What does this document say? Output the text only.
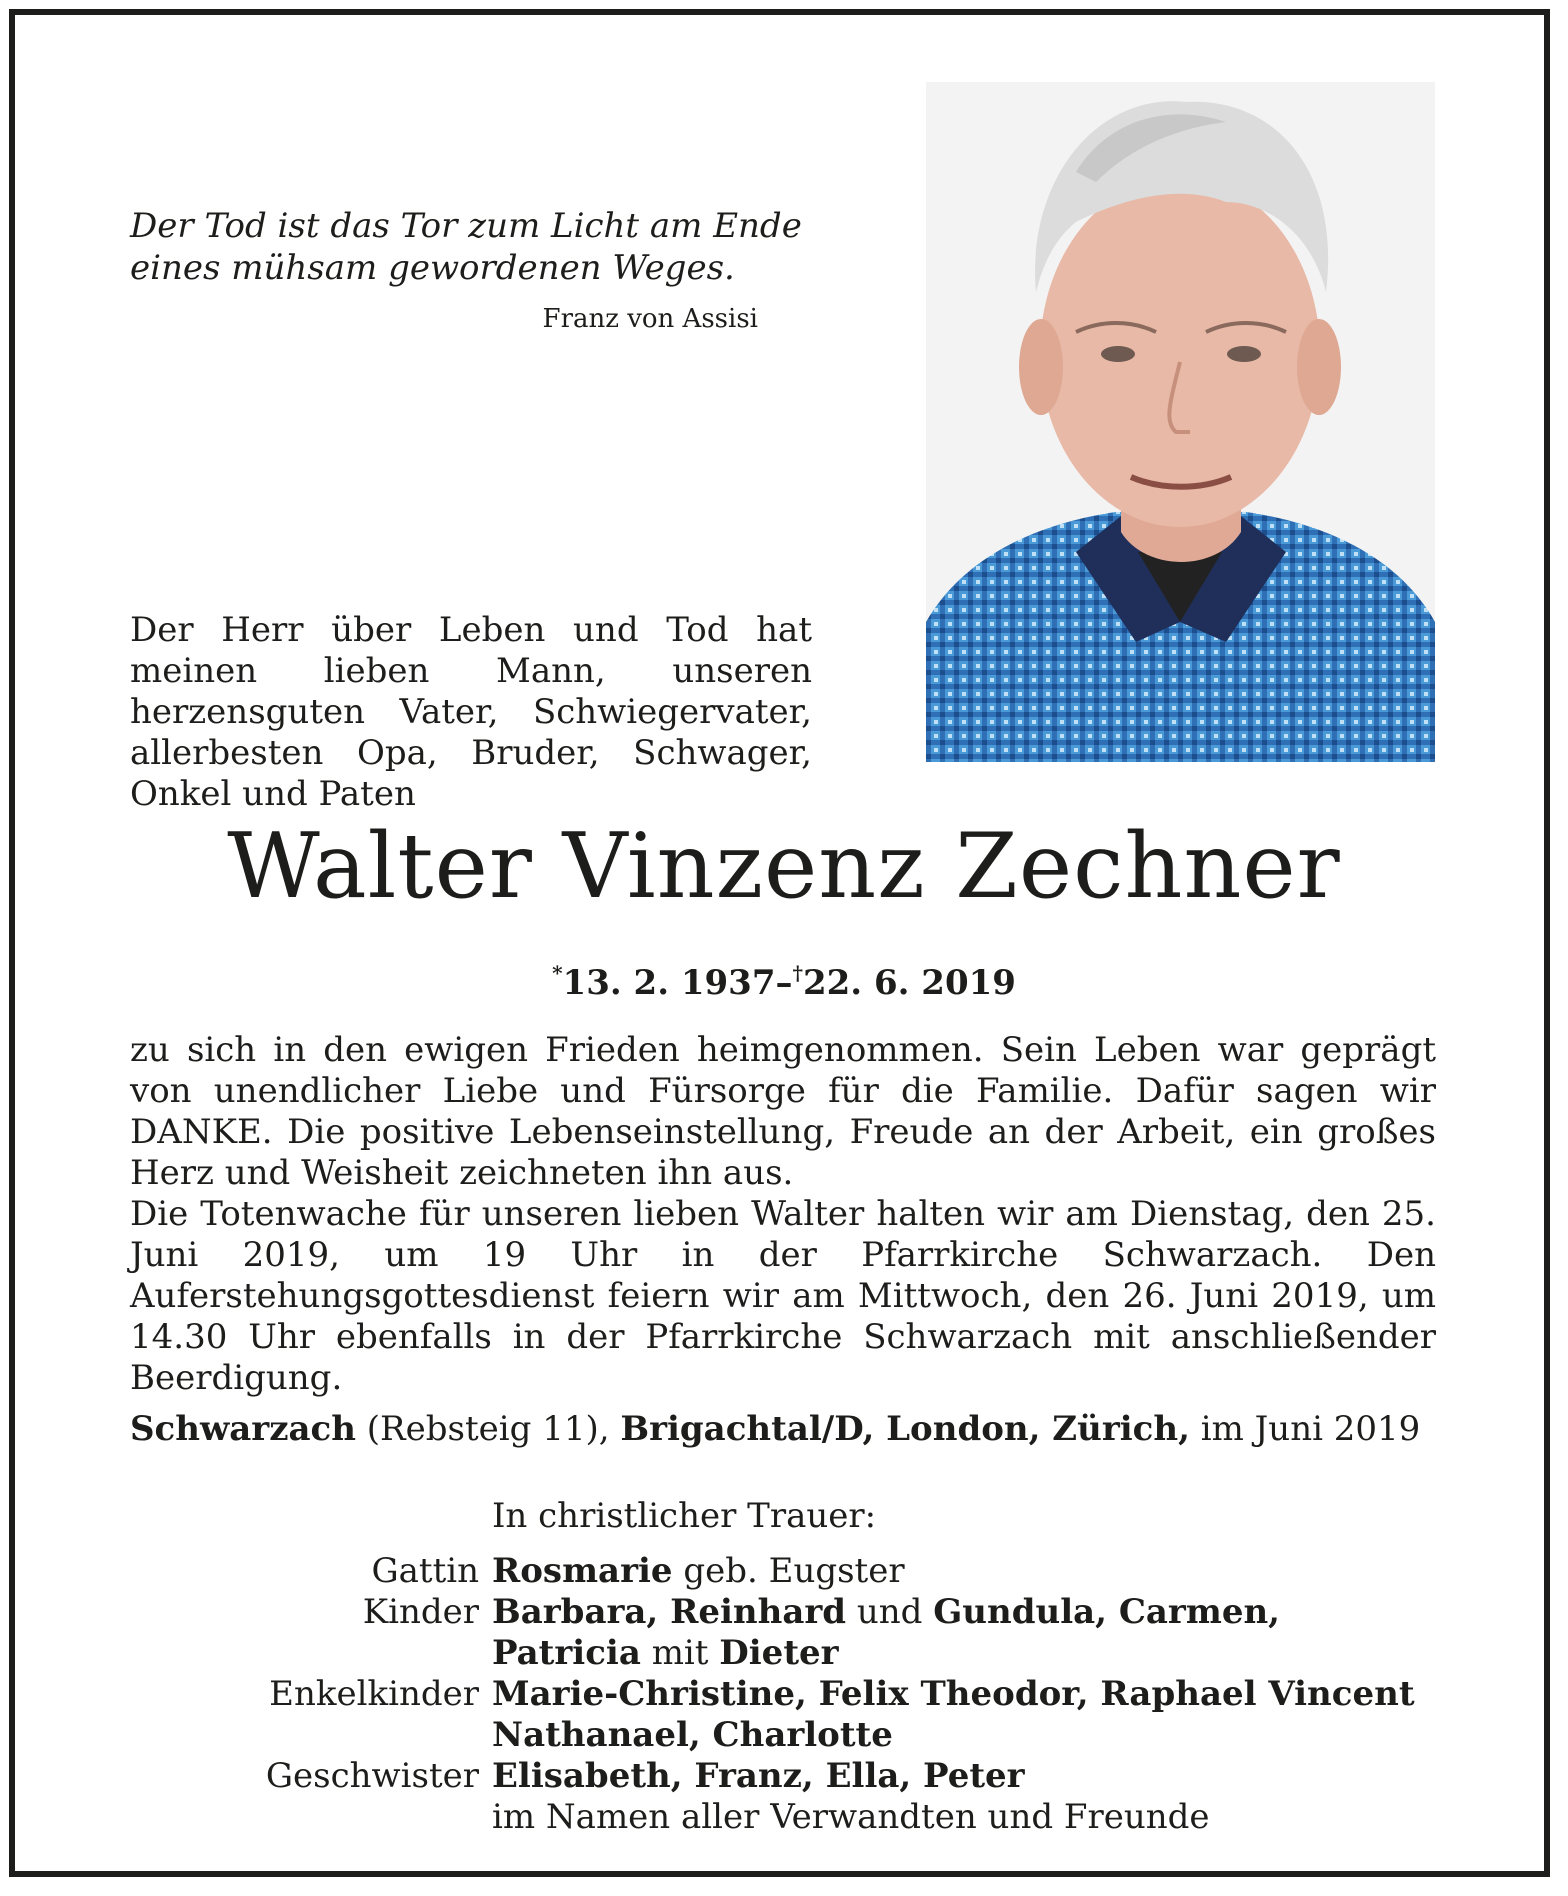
Der Tod ist das Tor zum Licht am Ende
eines mühsam gewordenen Weges.
Franz von Assisi
Der Herr über Leben und Tod hat meinen lieben Mann, unseren herzensguten Vater, Schwiegervater, allerbesten Opa, Bruder, Schwager, Onkel und Paten
Walter Vinzenz Zechner
*13. 2. 1937–†22. 6. 2019

zu sich in den ewigen Frieden heimgenommen. Sein Leben war geprägt von unendlicher Liebe und Fürsorge für die Familie. Dafür sagen wir DANKE. Die positive Lebenseinstellung, Freude an der Arbeit, ein großes Herz und Weisheit zeichneten ihn aus.

Die Totenwache für unseren lieben Walter halten wir am Dienstag, den 25. Juni 2019, um 19 Uhr in der Pfarrkirche Schwarzach. Den Auferstehungsgottesdienst feiern wir am Mittwoch, den 26. Juni 2019, um 14.30 Uhr ebenfalls in der Pfarrkirche Schwarzach mit anschließender Beerdigung.

Schwarzach (Rebsteig 11), Brigachtal/D, London, Zürich, im Juni 2019
In christlicher Trauer:
Gattin Rosmarie geb. Eugster
Kinder Barbara, Reinhard und Gundula, Carmen,
Patricia mit Dieter
Enkelkinder Marie-Christine, Felix Theodor, Raphael Vincent
Nathanael, Charlotte
Geschwister Elisabeth, Franz, Ella, Peter
im Namen aller Verwandten und Freunde
